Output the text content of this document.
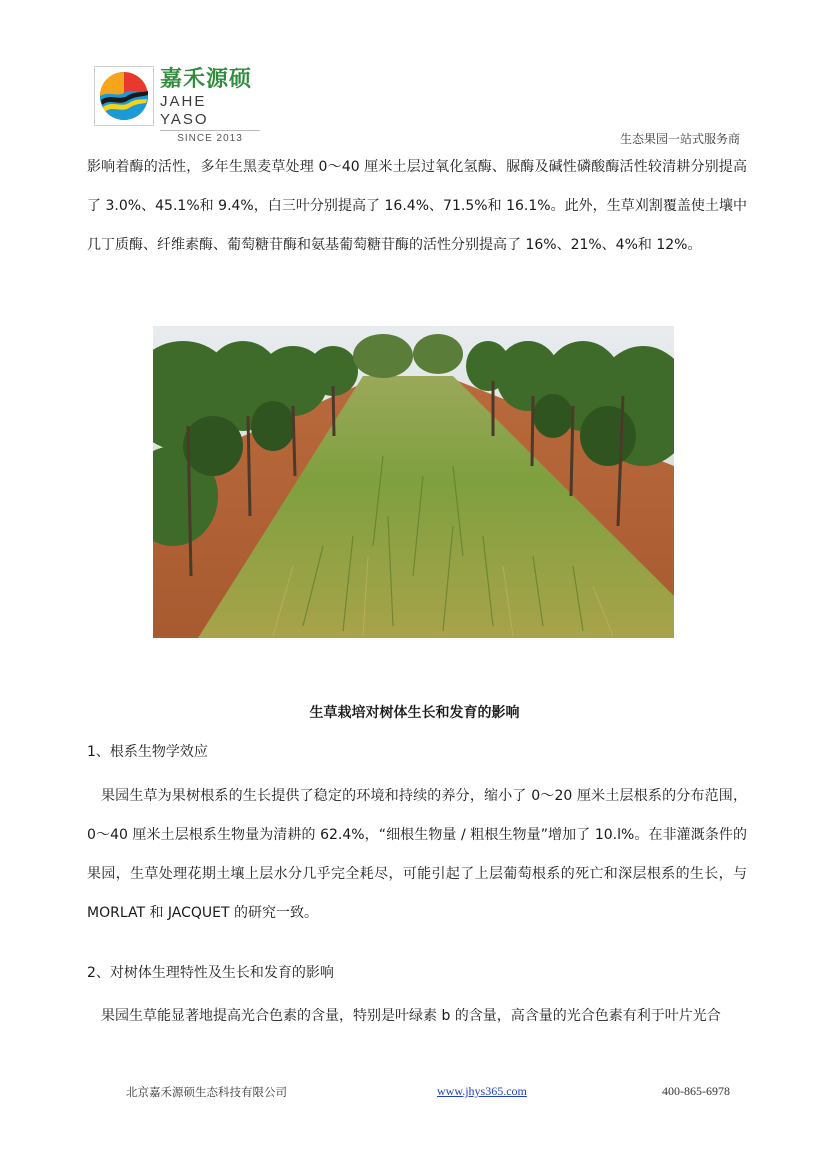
嘉禾源硕
JAHE YASO
SINCE 2013	生态果园一站式服务商

影响着酶的活性，多年生黑麦草处理 0～40 厘米土层过氧化氢酶、脲酶及碱性磷酸酶活性较清耕分别提高了 3.0%、45.1%和 9.4%，白三叶分别提高了 16.4%、71.5%和 16.1%。此外，生草刈割覆盖使土壤中几丁质酶、纤维素酶、葡萄糖苷酶和氨基葡萄糖苷酶的活性分别提高了 16%、21%、4%和 12%。

生草栽培对树体生长和发育的影响

1、根系生物学效应

果园生草为果树根系的生长提供了稳定的环境和持续的养分，缩小了 0～20 厘米土层根系的分布范围，0～40 厘米土层根系生物量为清耕的 62.4%，“细根生物量 / 粗根生物量”增加了 10.l%。在非灌溉条件的果园，生草处理花期土壤上层水分几乎完全耗尽，可能引起了上层葡萄根系的死亡和深层根系的生长，与 MORLAT 和 JACQUET 的研究一致。

2、对树体生理特性及生长和发育的影响

果园生草能显著地提高光合色素的含量，特别是叶绿素 b 的含量，高含量的光合色素有利于叶片光合

北京嘉禾源硕生态科技有限公司	www.jhys365.com	400-865-6978
